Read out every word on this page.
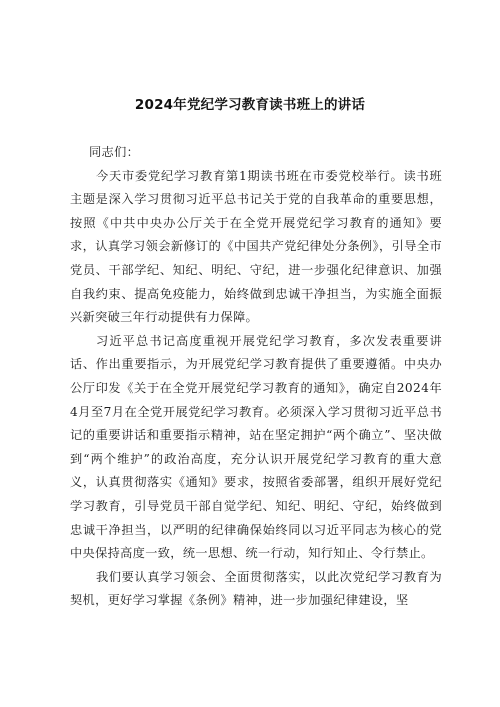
2024年党纪学习教育读书班上的讲话

同志们：

今天市委党纪学习教育第1期读书班在市委党校举行。读书班主题是深入学习贯彻习近平总书记关于党的自我革命的重要思想，按照《中共中央办公厅关于在全党开展党纪学习教育的通知》要求，认真学习领会新修订的《中国共产党纪律处分条例》，引导全市党员、干部学纪、知纪、明纪、守纪，进一步强化纪律意识、加强自我约束、提高免疫能力，始终做到忠诚干净担当，为实施全面振兴新突破三年行动提供有力保障。

习近平总书记高度重视开展党纪学习教育，多次发表重要讲话、作出重要指示，为开展党纪学习教育提供了重要遵循。中央办公厅印发《关于在全党开展党纪学习教育的通知》，确定自2024年4月至7月在全党开展党纪学习教育。必须深入学习贯彻习近平总书记的重要讲话和重要指示精神，站在坚定拥护“两个确立”、坚决做到“两个维护”的政治高度，充分认识开展党纪学习教育的重大意义，认真贯彻落实《通知》要求，按照省委部署，组织开展好党纪学习教育，引导党员干部自觉学纪、知纪、明纪、守纪，始终做到忠诚干净担当，以严明的纪律确保始终同以习近平同志为核心的党中央保持高度一致，统一思想、统一行动，知行知止、令行禁止。

我们要认真学习领会、全面贯彻落实，以此次党纪学习教育为契机，更好学习掌握《条例》精神，进一步加强纪律建设，坚
